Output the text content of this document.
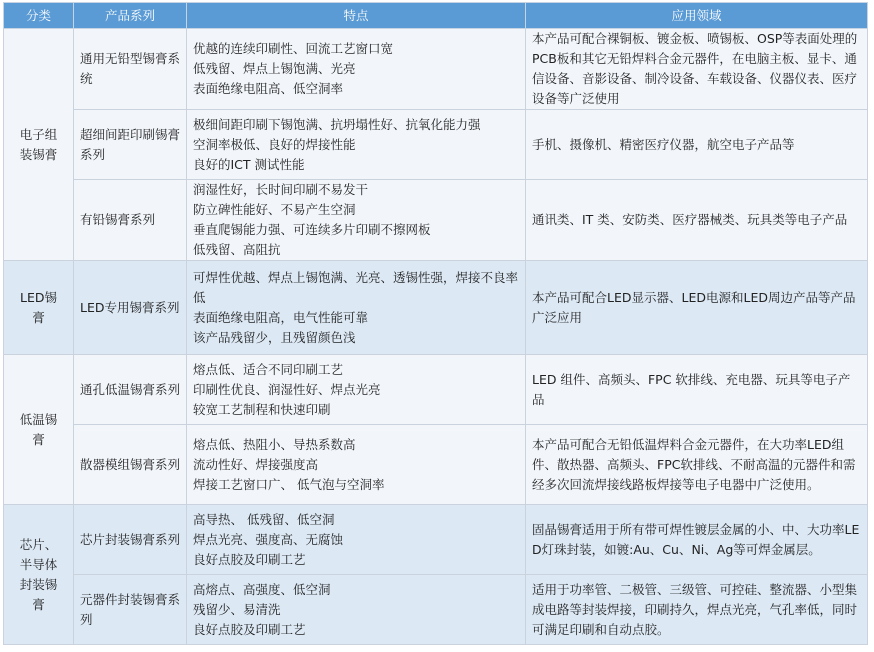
分类	产品系列	特点	应用领域

电子组装锡膏	通用无铅型锡膏系统	优越的连续印刷性、回流工艺窗口宽
低残留、焊点上锡饱满、光亮
表面绝缘电阻高、低空洞率	本产品可配合裸铜板、镀金板、喷锡板、OSP等表面处理的PCB板和其它无铅焊料合金元器件，在电脑主板、显卡、通信设备、音影设备、制冷设备、车载设备、仪器仪表、医疗设备等广泛使用
	超细间距印刷锡膏系列	极细间距印刷下锡饱满、抗坍塌性好、抗氧化能力强
空洞率极低、良好的焊接性能
良好的ICT 测试性能	手机、摄像机、精密医疗仪器，航空电子产品等
	有铅锡膏系列	润湿性好，长时间印刷不易发干
防立碑性能好、不易产生空洞
垂直爬锡能力强、可连续多片印刷不擦网板
低残留、高阻抗	通讯类、IT 类、安防类、医疗器械类、玩具类等电子产品

LED锡膏	LED专用锡膏系列	可焊性优越、焊点上锡饱满、光亮、透锡性强，焊接不良率低
表面绝缘电阻高，电气性能可靠
该产品残留少，且残留颜色浅	本产品可配合LED显示器、LED电源和LED周边产品等产品广泛应用

低温锡膏	通孔低温锡膏系列	熔点低、适合不同印刷工艺
印刷性优良、润湿性好、焊点光亮
较宽工艺制程和快速印刷	LED 组件、高频头、FPC 软排线、充电器、玩具等电子产品
	散器模组锡膏系列	熔点低、热阻小、导热系数高
流动性好、焊接强度高
焊接工艺窗口广、 低气泡与空洞率	本产品可配合无铅低温焊料合金元器件，在大功率LED组件、散热器、高频头、FPC软排线、不耐高温的元器件和需经多次回流焊接线路板焊接等电子电器中广泛使用。

芯片、半导体封装锡膏	芯片封装锡膏系列	高导热、 低残留、低空洞
焊点光亮、强度高、无腐蚀
良好点胶及印刷工艺	固晶锡膏适用于所有带可焊性镀层金属的小、中、大功率LED灯珠封装，如镀:Au、Cu、Ni、Ag等可焊金属层。
	元器件封装锡膏系列	高熔点、高强度、低空洞
残留少、易清洗
良好点胶及印刷工艺	适用于功率管、二极管、三级管、可控硅、整流器、小型集成电路等封装焊接，印刷持久，焊点光亮，气孔率低，同时可满足印刷和自动点胶。
